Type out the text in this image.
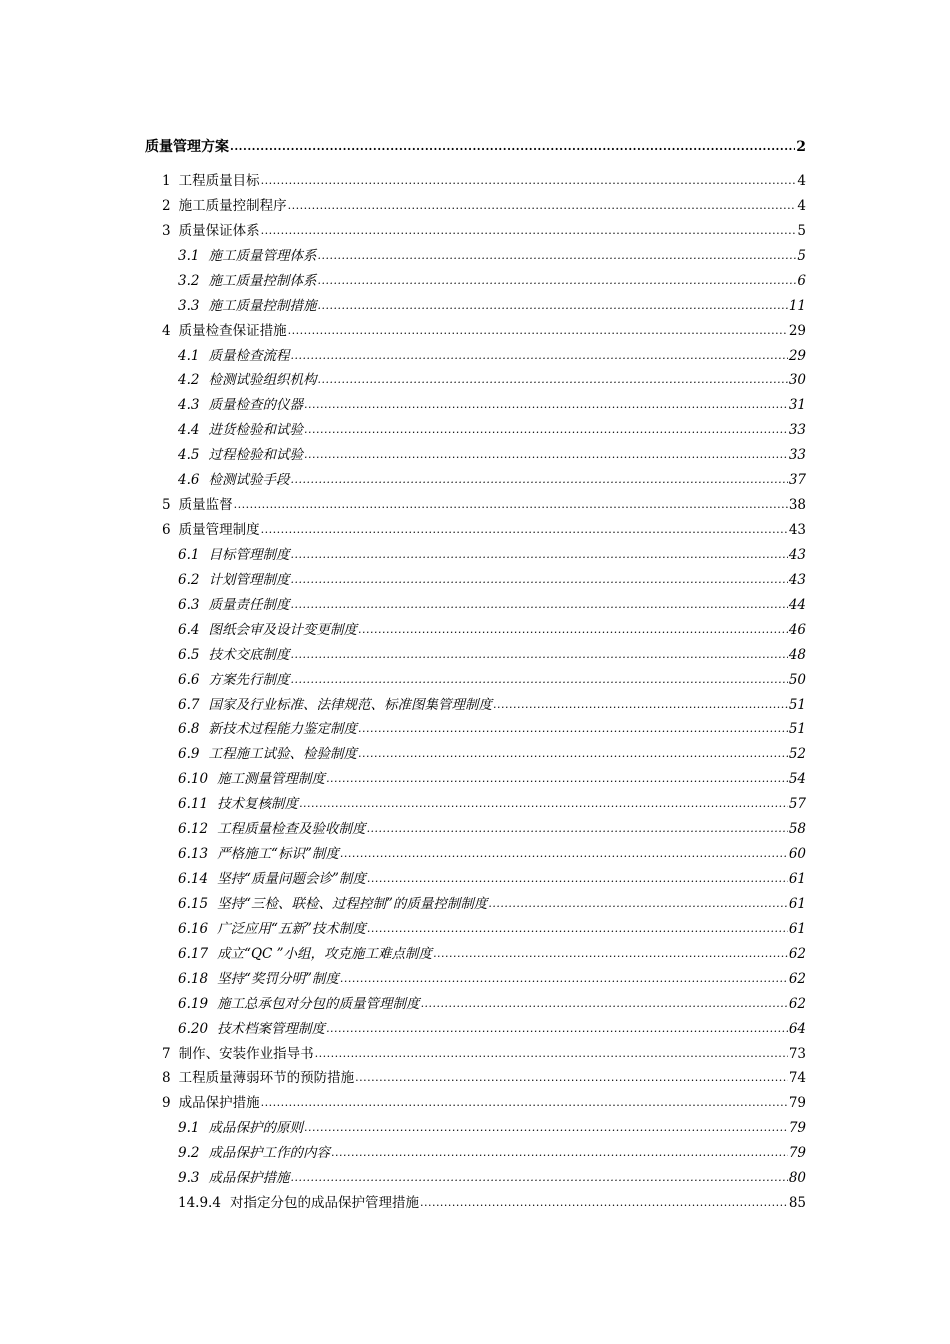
质量管理方案 .....	2
1 工程质量目标 .....	4
2 施工质量控制程序 .....	4
3 质量保证体系 .....	5
3.1 施工质量管理体系 .....	5
3.2 施工质量控制体系 .....	6
3.3 施工质量控制措施 .....	11
4 质量检查保证措施 .....	29
4.1 质量检查流程 .....	29
4.2 检测试验组织机构 .....	30
4.3 质量检查的仪器 .....	31
4.4 进货检验和试验 .....	33
4.5 过程检验和试验 .....	33
4.6 检测试验手段 .....	37
5 质量监督 .....	38
6 质量管理制度 .....	43
6.1 目标管理制度 .....	43
6.2 计划管理制度 .....	43
6.3 质量责任制度 .....	44
6.4 图纸会审及设计变更制度 .....	46
6.5 技术交底制度 .....	48
6.6 方案先行制度 .....	50
6.7 国家及行业标准、法律规范、标准图集管理制度 .....	51
6.8 新技术过程能力鉴定制度 .....	51
6.9 工程施工试验、检验制度 .....	52
6.10 施工测量管理制度 .....	54
6.11 技术复核制度 .....	57
6.12 工程质量检查及验收制度 .....	58
6.13 严格施工“标识”制度 .....	60
6.14 坚持“质量问题会诊”制度 .....	61
6.15 坚持“三检、联检、过程控制”的质量控制制度 .....	61
6.16 广泛应用“五新”技术制度 .....	61
6.17 成立“QC ”小组，攻克施工难点制度 .....	62
6.18 坚持“奖罚分明”制度 .....	62
6.19 施工总承包对分包的质量管理制度 .....	62
6.20 技术档案管理制度 .....	64
7 制作、安装作业指导书 .....	73
8 工程质量薄弱环节的预防措施 .....	74
9 成品保护措施 .....	79
9.1 成品保护的原则 .....	79
9.2 成品保护工作的内容 .....	79
9.3 成品保护措施 .....	80
14.9.4 对指定分包的成品保护管理措施 .....	85
